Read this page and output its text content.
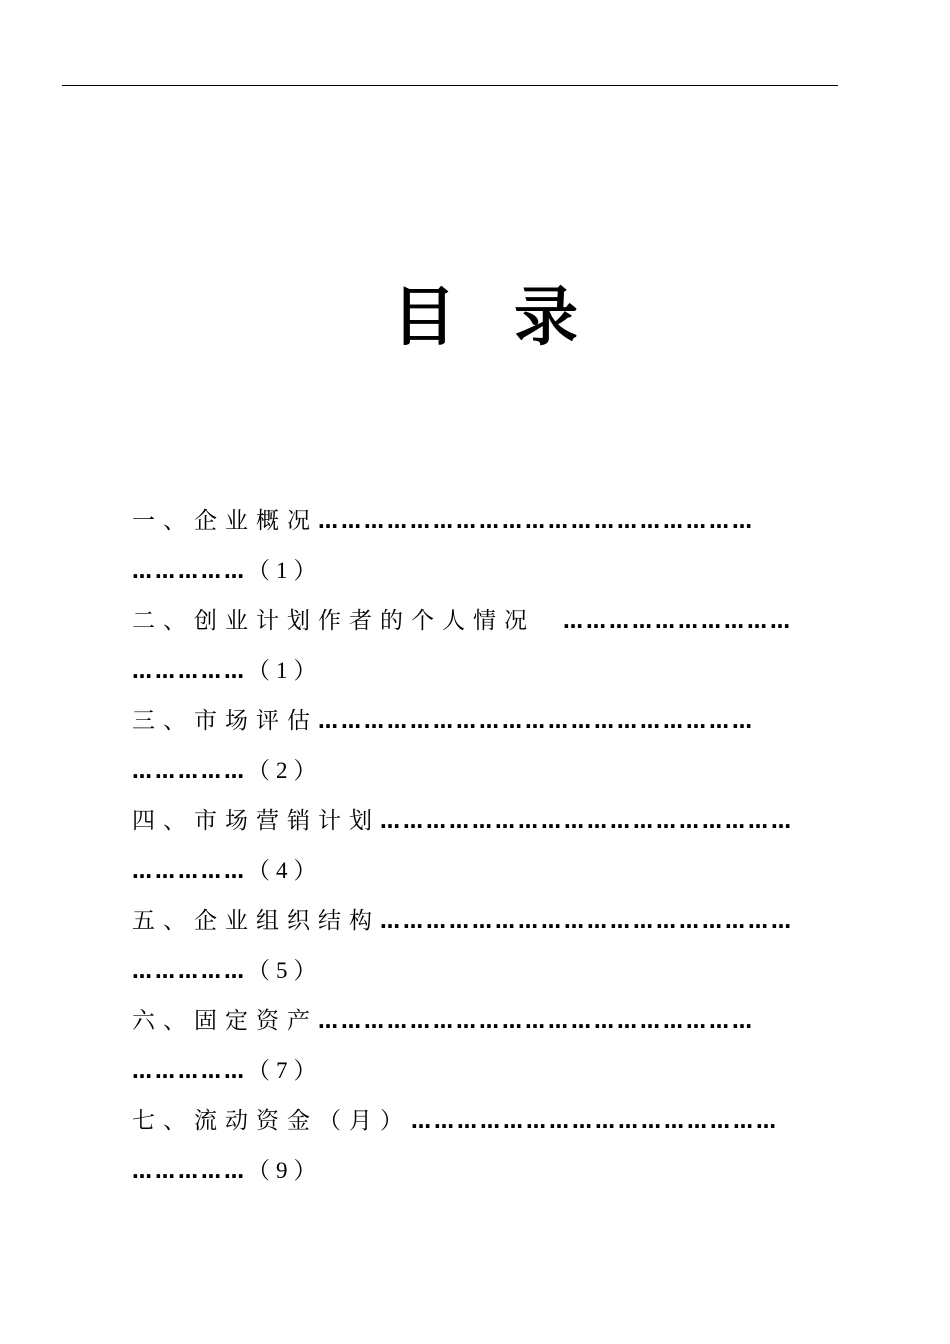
目录
一、企业概况…………………………………………………
……………（1）
二、创业计划作者的个人情况 …………………………
……………（1）
三、市场评估…………………………………………………
……………（2）
四、市场营销计划………………………………………………
……………（4）
五、企业组织结构………………………………………………
……………（5）
六、固定资产…………………………………………………
……………（7）
七、流动资金（月）…………………………………………
……………（9）
